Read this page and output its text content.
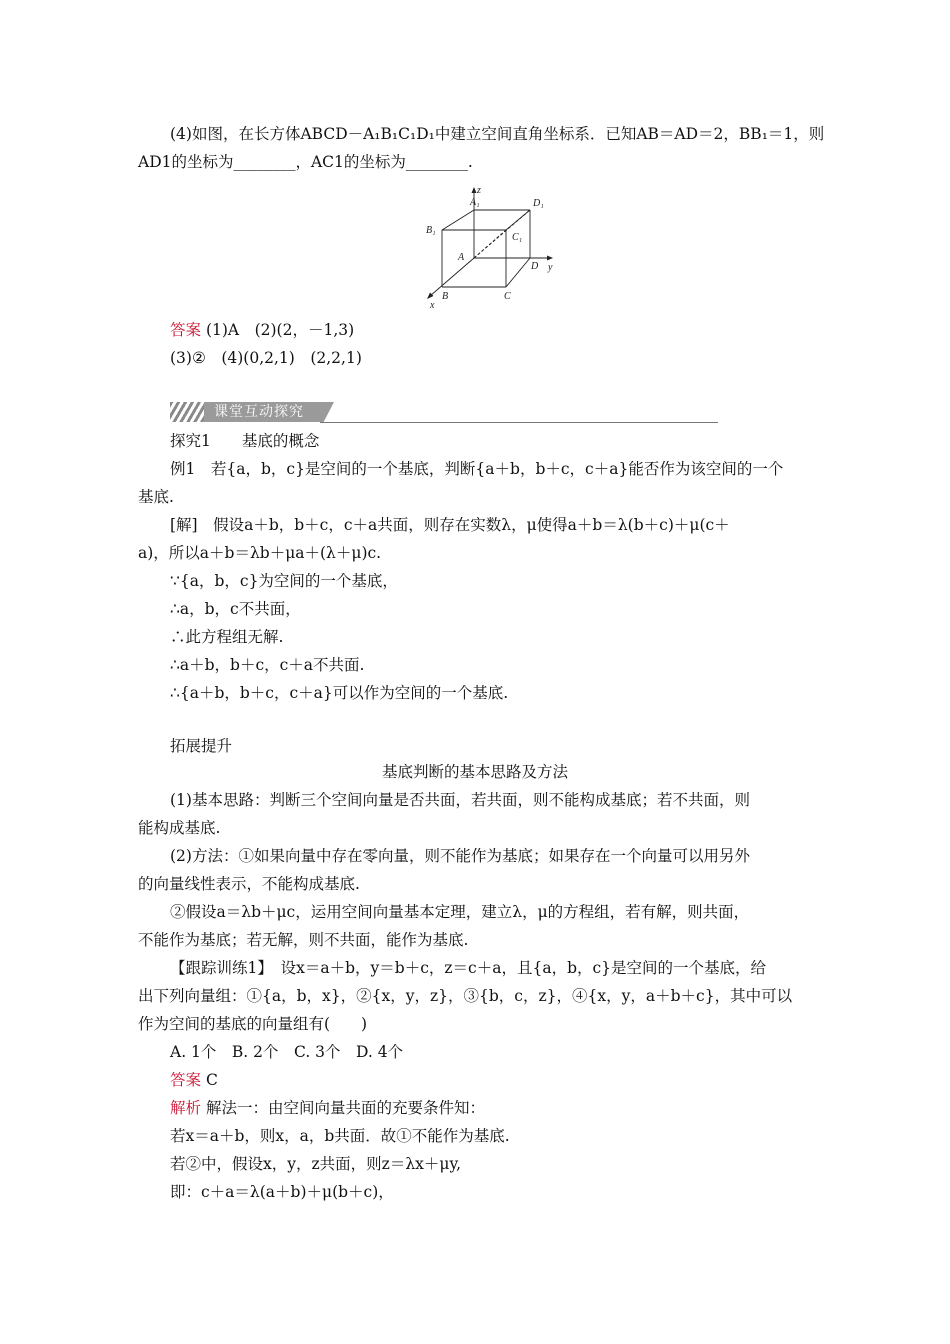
(4)如图，在长方体ABCD－A₁B₁C₁D₁中建立空间直角坐标系．已知AB＝AD＝2，BB₁＝1，则
AD1的坐标为________，AC1的坐标为________.
z
A₁	D₁
B₁
C₁
A
D y
B	C
x
答案 (1)A　(2)(2，－1,3)
(3)②　(4)(0,2,1)　(2,2,1)
课堂互动探究
探究1　　基底的概念
例1　若{a，b，c}是空间的一个基底，判断{a＋b，b＋c，c＋a}能否作为该空间的一个
基底.
[解]　假设a＋b，b＋c，c＋a共面，则存在实数λ，μ使得a＋b＝λ(b＋c)＋μ(c＋
a)，所以a＋b＝λb＋μa＋(λ＋μ)c.
∵{a，b，c}为空间的一个基底，
∴a，b，c不共面，
∴此方程组无解.
∴a＋b，b＋c，c＋a不共面.
∴{a＋b，b＋c，c＋a}可以作为空间的一个基底.
拓展提升
基底判断的基本思路及方法
(1)基本思路：判断三个空间向量是否共面，若共面，则不能构成基底；若不共面，则
能构成基底.
(2)方法：①如果向量中存在零向量，则不能作为基底；如果存在一个向量可以用另外
的向量线性表示，不能构成基底.
②假设a＝λb＋μc，运用空间向量基本定理，建立λ，μ的方程组，若有解，则共面，
不能作为基底；若无解，则不共面，能作为基底.
【跟踪训练1】　设x＝a＋b，y＝b＋c，z＝c＋a，且{a，b，c}是空间的一个基底，给
出下列向量组：①{a，b，x}，②{x，y，z}，③{b，c，z}，④{x，y，a＋b＋c}，其中可以
作为空间的基底的向量组有(　　)
A. 1个　B. 2个　C. 3个　D. 4个
答案 C
解析 解法一：由空间向量共面的充要条件知：
若x＝a＋b，则x，a，b共面．故①不能作为基底.
若②中，假设x，y，z共面，则z＝λx＋μy,
即：c＋a＝λ(a＋b)＋μ(b＋c)，
